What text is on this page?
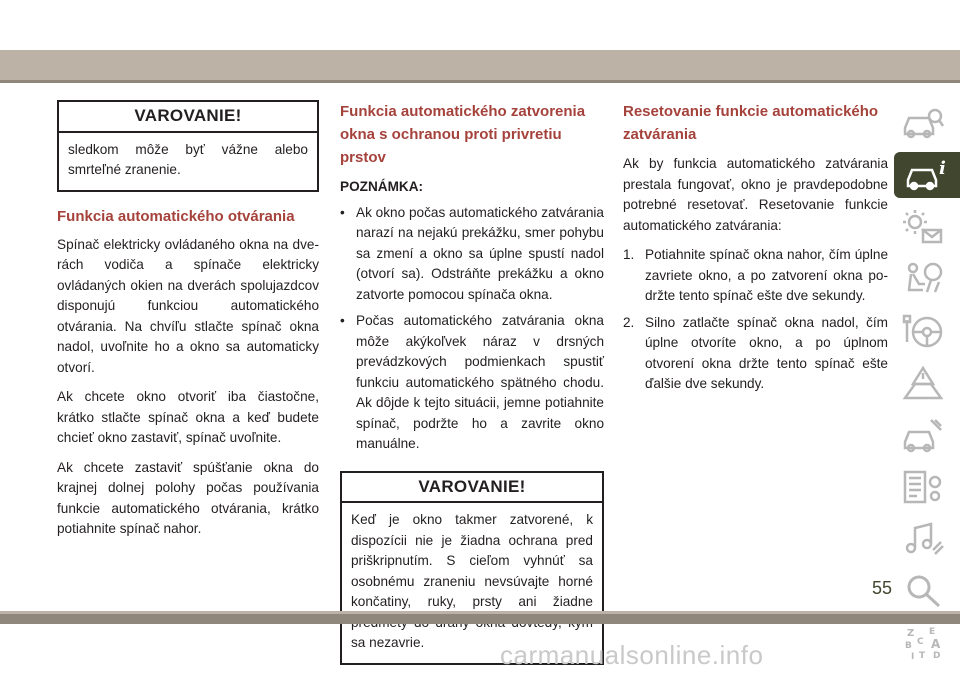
VAROVANIE!
sledkom môže byť vážne alebo smrteľné zranenie.
Funkcia automatického otvárania

Spínač elektricky ovládaného okna na dverách vodiča a spínače elektricky ovládaných okien na dverách spolujazdcov disponujú funkciou automatického otvárania. Na chvíľu stlačte spínač okna nadol, uvoľnite ho a okno sa automaticky otvorí.

Ak chcete okno otvoriť iba čiastočne, krátko stlačte spínač okna a keď budete chcieť okno zastaviť, spínač uvoľnite.

Ak chcete zastaviť spúšťanie okna do krajnej dolnej polohy počas používania funkcie automatického otvárania, krátko potiahnite spínač nahor.

Funkcia automatického zatvorenia okna s ochranou proti privretiu prstov
POZNÁMKA:
• Ak okno počas automatického zatvárania narazí na nejakú prekážku, smer pohybu sa zmení a okno sa úplne spustí nadol (otvorí sa). Odstráňte prekážku a okno zatvorte pomocou spínača okna.
• Počas automatického zatvárania okna môže akýkoľvek náraz v drsných prevádzkových podmienkach spustiť funkciu automatického spätného chodu. Ak dôjde k tejto situácii, jemne potiahnite spínač, podržte ho a zavrite okno manuálne.
VAROVANIE!
Keď je okno takmer zatvorené, k dispozícii nie je žiadna ochrana pred priškripnutím. S cieľom vyhnúť sa osobnému zraneniu nevsúvajte horné končatiny, ruky, prsty ani žiadne sa nezavrie.
Resetovanie funkcie automatického zatvárania

Ak by funkcia automatického zatvárania prestala fungovať, okno je pravdepodobne potrebné resetovať. Resetovanie funkcie automatického zatvárania:

1. Potiahnite spínač okna nahor, čím úplne zavriete okno, a po zatvorení okna podržte tento spínač ešte dve sekundy.
2. Silno zatlačte spínač okna nadol, čím úplne otvoríte okno, a po úplnom otvorení okna držte tento spínač ešte ďalšie dve sekundy.
i
Z E
B C A
I T D
55
carmanualsonline.info
